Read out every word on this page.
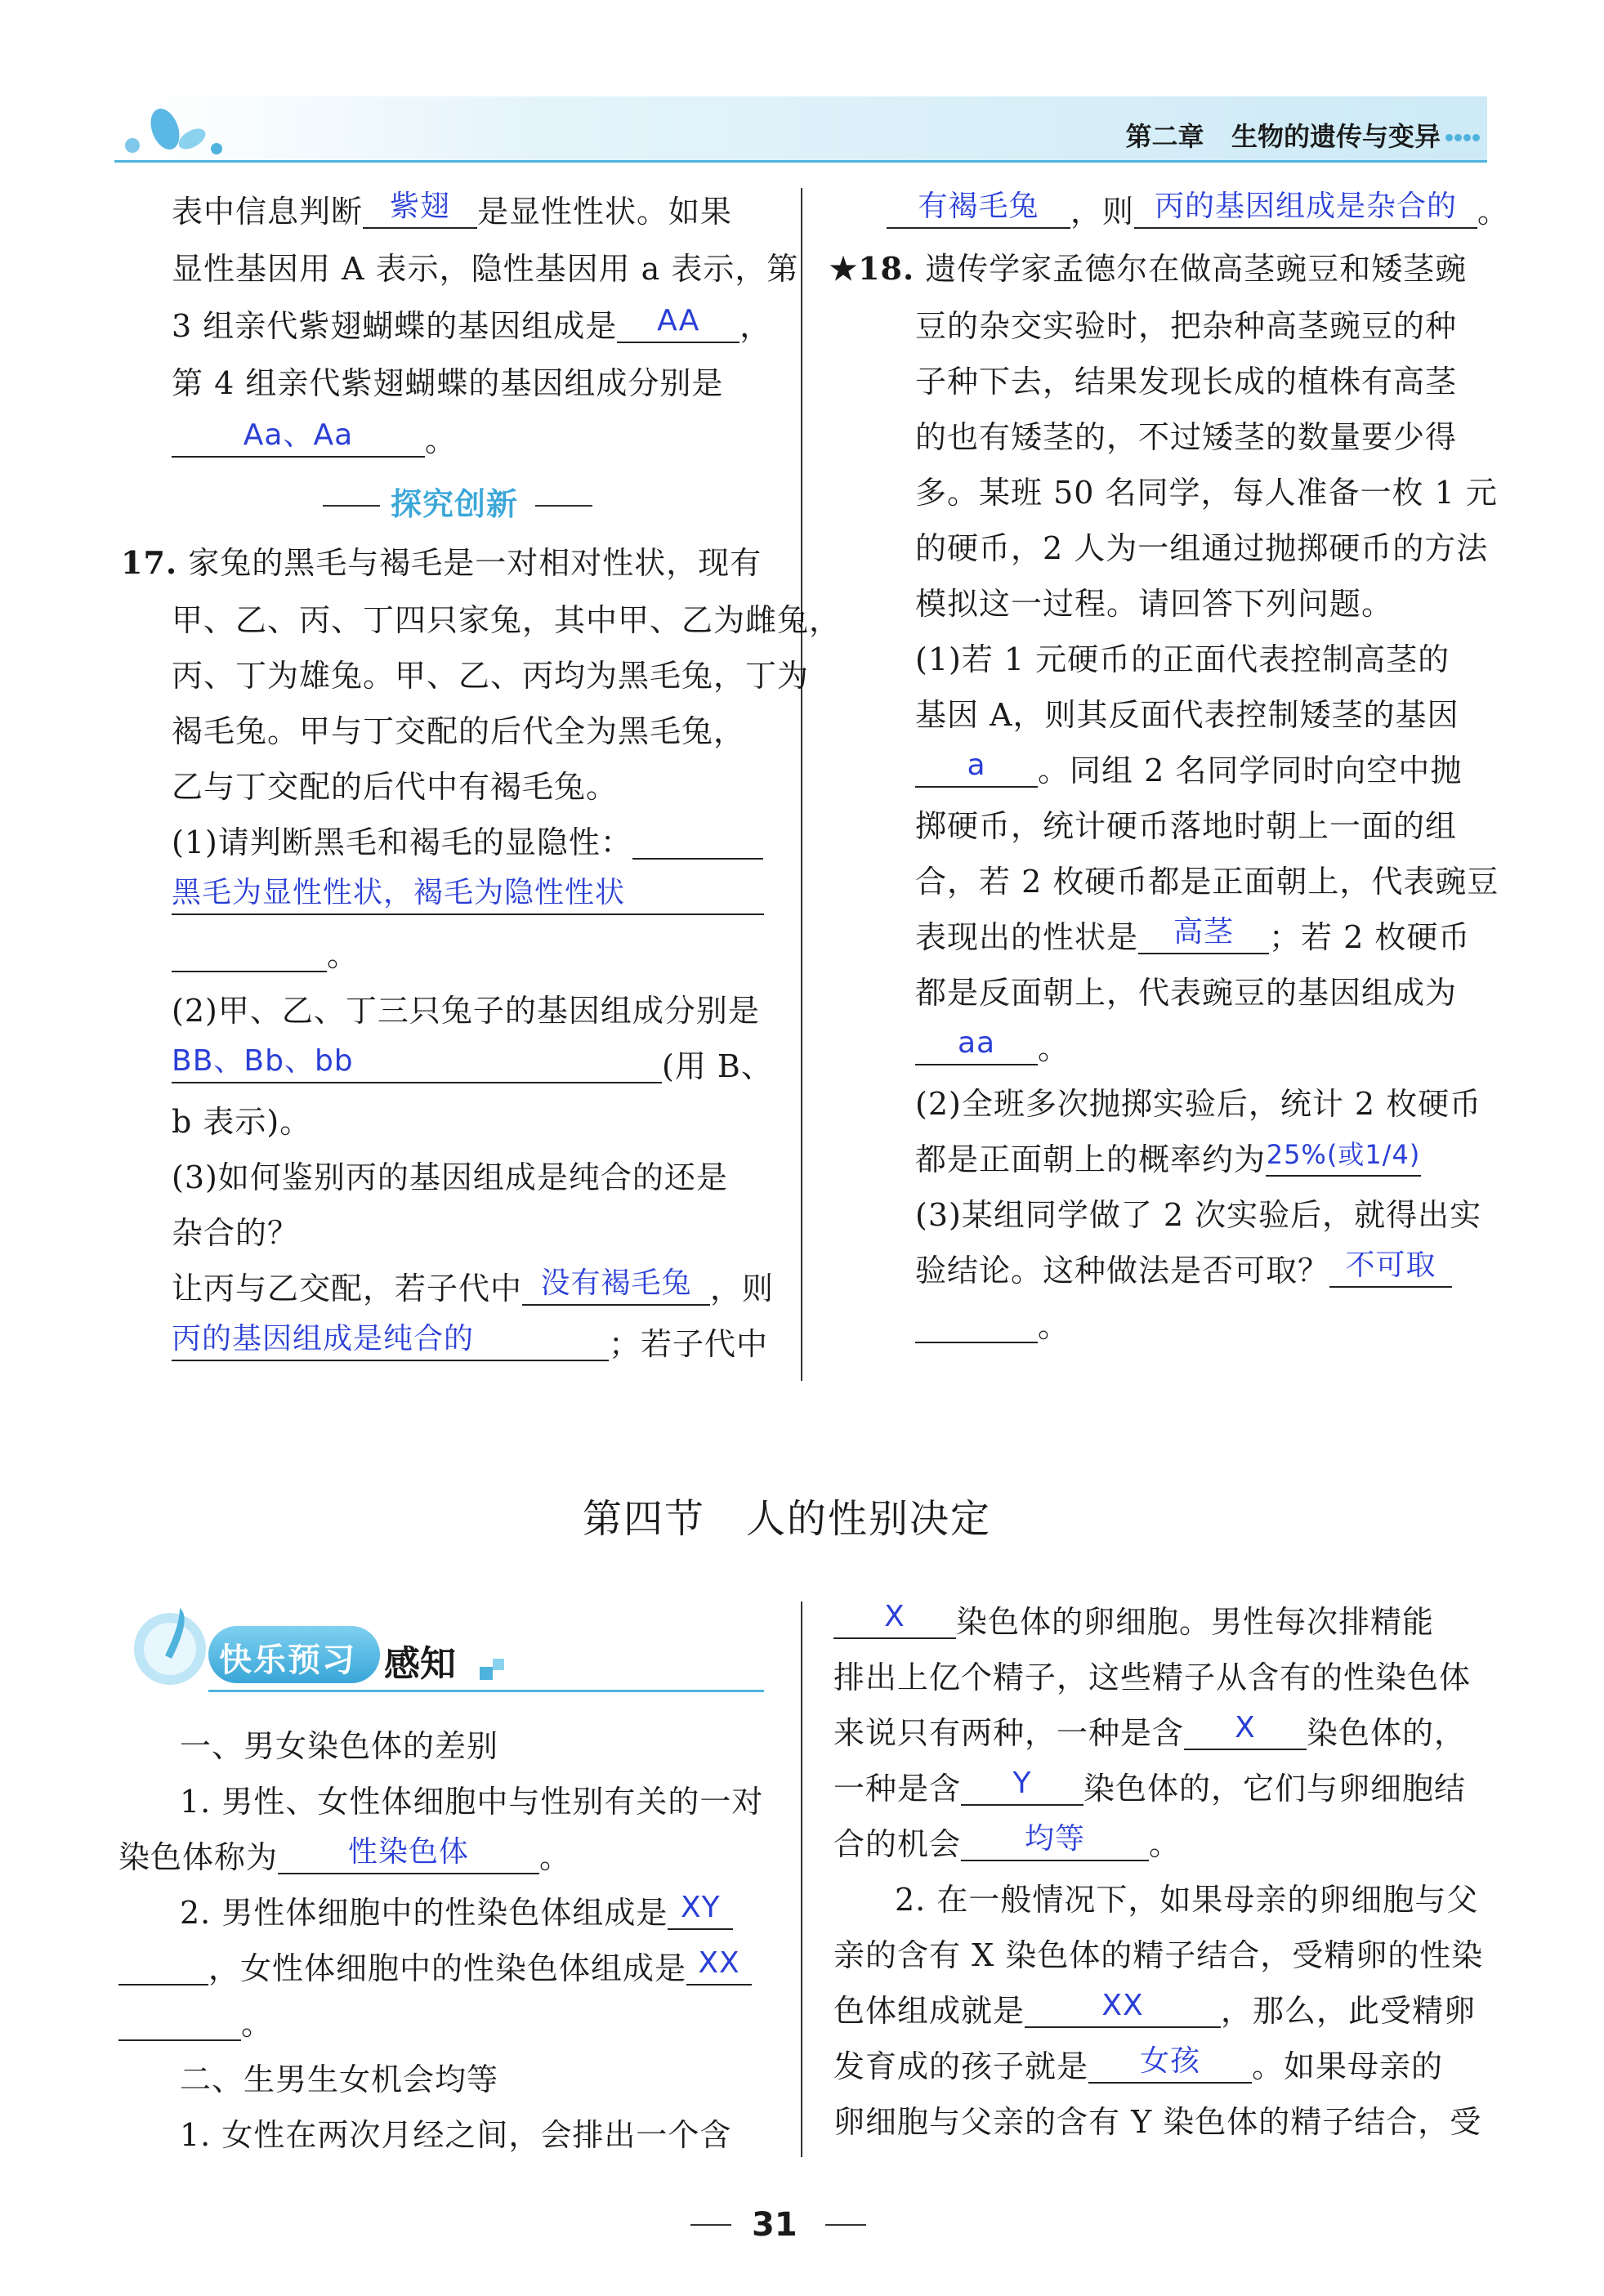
第二章 生物的遗传与变异
表中信息判断 紫翅 是显性性状。如果
显性基因用 A 表示，隐性基因用 a 表示，第
3 组亲代紫翅蝴蝶的基因组成是	AA	，
第 4 组亲代紫翅蝴蝶的基因组成分别是
Aa、Aa	。
探究创新
17. 家兔的黑毛与褐毛是一对相对性状，现有
甲、乙、丙、丁四只家兔，其中甲、乙为雌兔，
丙、丁为雄兔。甲、乙、丙均为黑毛兔，丁为
褐毛兔。甲与丁交配的后代全为黑毛兔，
乙与丁交配的后代中有褐毛兔。
(1)请判断黑毛和褐毛的显隐性：
黑毛为显性性状，褐毛为隐性性状

。
(2)甲、乙、丁三只兔子的基因组成分别是
BB、Bb、bb	(用 B、
b 表示)。
(3)如何鉴别丙的基因组成是纯合的还是
杂合的？
让丙与乙交配，若子代中 没有褐毛兔 ，则
丙的基因组成是纯合的	；若子代中
有褐毛兔	，则 丙的基因组成是杂合的 。
★18. 遗传学家孟德尔在做高茎豌豆和矮茎豌
豆的杂交实验时，把杂种高茎豌豆的种
子种下去，结果发现长成的植株有高茎
的也有矮茎的，不过矮茎的数量要少得
多。某班 50 名同学，每人准备一枚 1 元
的硬币，2 人为一组通过抛掷硬币的方法
模拟这一过程。请回答下列问题。
(1)若 1 元硬币的正面代表控制高茎的
基因 A，则其反面代表控制矮茎的基因
a	。同组 2 名同学同时向空中抛
掷硬币，统计硬币落地时朝上一面的组
合，若 2 枚硬币都是正面朝上，代表豌豆
表现出的性状是	高茎	；若 2 枚硬币
都是反面朝上，代表豌豆的基因组成为
aa	。
(2)全班多次抛掷实验后，统计 2 枚硬币
都是正面朝上的概率约为 25%(或1/4)

(3)某组同学做了 2 次实验后，就得出实
验结论。这种做法是否可取？ 不可取

。
第四节　人的性别决定
快乐预习 感知
一、男女染色体的差别
1. 男性、女性体细胞中与性别有关的一对
染色体称为	性染色体	。
2. 男性体细胞中的性染色体组成是 XY

，女性体细胞中的性染色体组成是 XX

。
二、生男生女机会均等
1. 女性在两次月经之间，会排出一个含
X	染色体的卵细胞。男性每次排精能
排出上亿个精子，这些精子从含有的性染色体
来说只有两种，一种是含	X	染色体的，
一种是含	Y	染色体的，它们与卵细胞结
合的机会	均等	。
2. 在一般情况下，如果母亲的卵细胞与父
亲的含有 X 染色体的精子结合，受精卵的性染
色体组成就是	XX	，那么，此受精卵
发育成的孩子就是	女孩	。如果母亲的
卵细胞与父亲的含有 Y 染色体的精子结合，受
31
